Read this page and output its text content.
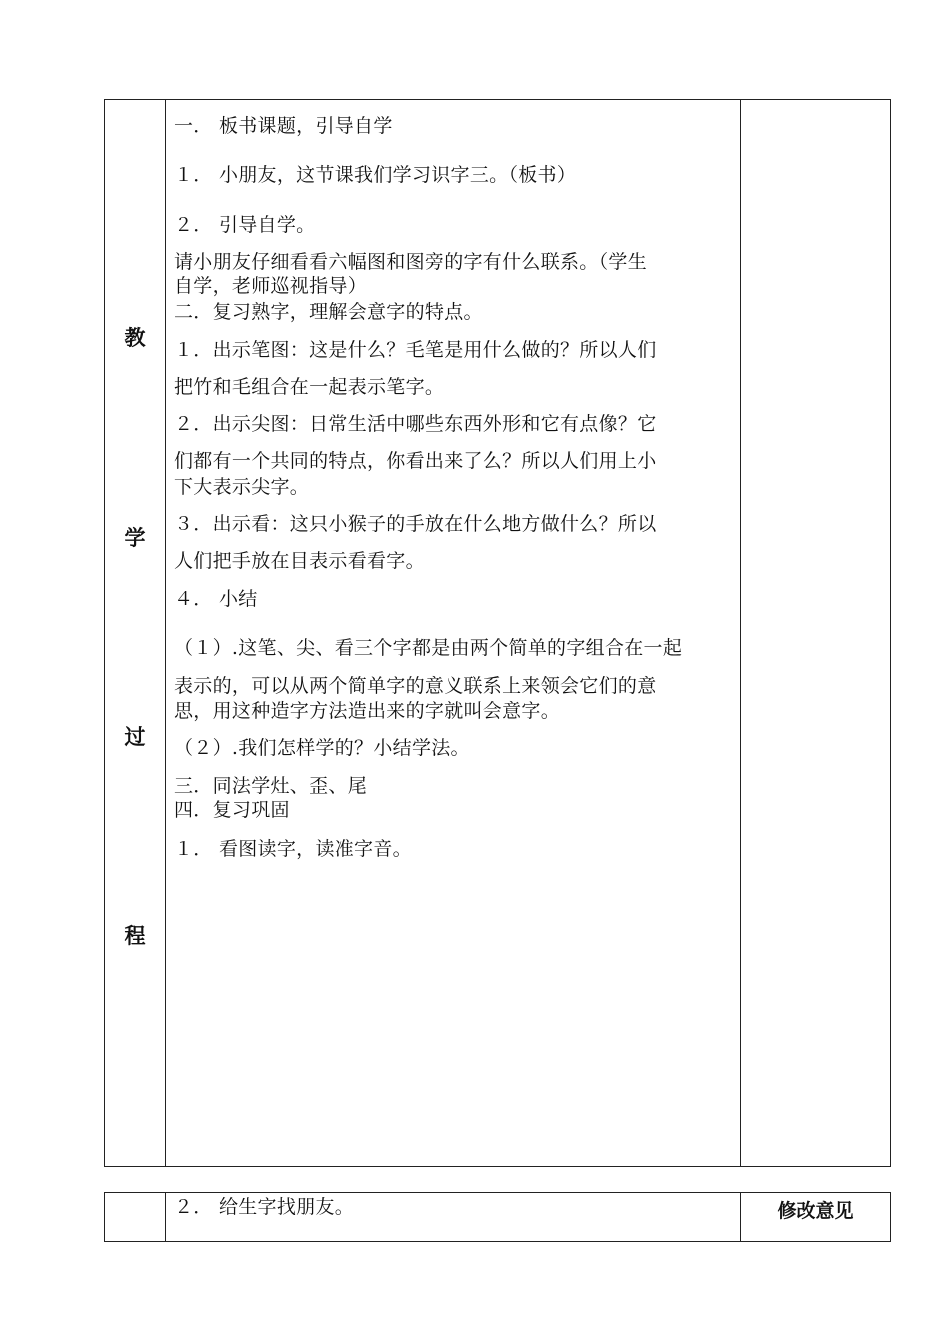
教
学
过
程
一． 板书课题，引导自学
１． 小朋友，这节课我们学习识字三。（板书）
２． 引导自学。
请小朋友仔细看看六幅图和图旁的字有什么联系。（学生
自学，老师巡视指导）
二．复习熟字，理解会意字的特点。
１．出示笔图：这是什么？毛笔是用什么做的？所以人们
把竹和毛组合在一起表示笔字。
２．出示尖图：日常生活中哪些东西外形和它有点像？它
们都有一个共同的特点，你看出来了么？所以人们用上小
下大表示尖字。
３．出示看：这只小猴子的手放在什么地方做什么？所以
人们把手放在目表示看看字。
４． 小结
（１）.这笔、尖、看三个字都是由两个简单的字组合在一起
表示的，可以从两个简单字的意义联系上来领会它们的意
思，用这种造字方法造出来的字就叫会意字。
（２）.我们怎样学的？小结学法。
三．同法学灶、歪、尾
四．复习巩固
１． 看图读字，读准字音。
２． 给生字找朋友。	修改意见
